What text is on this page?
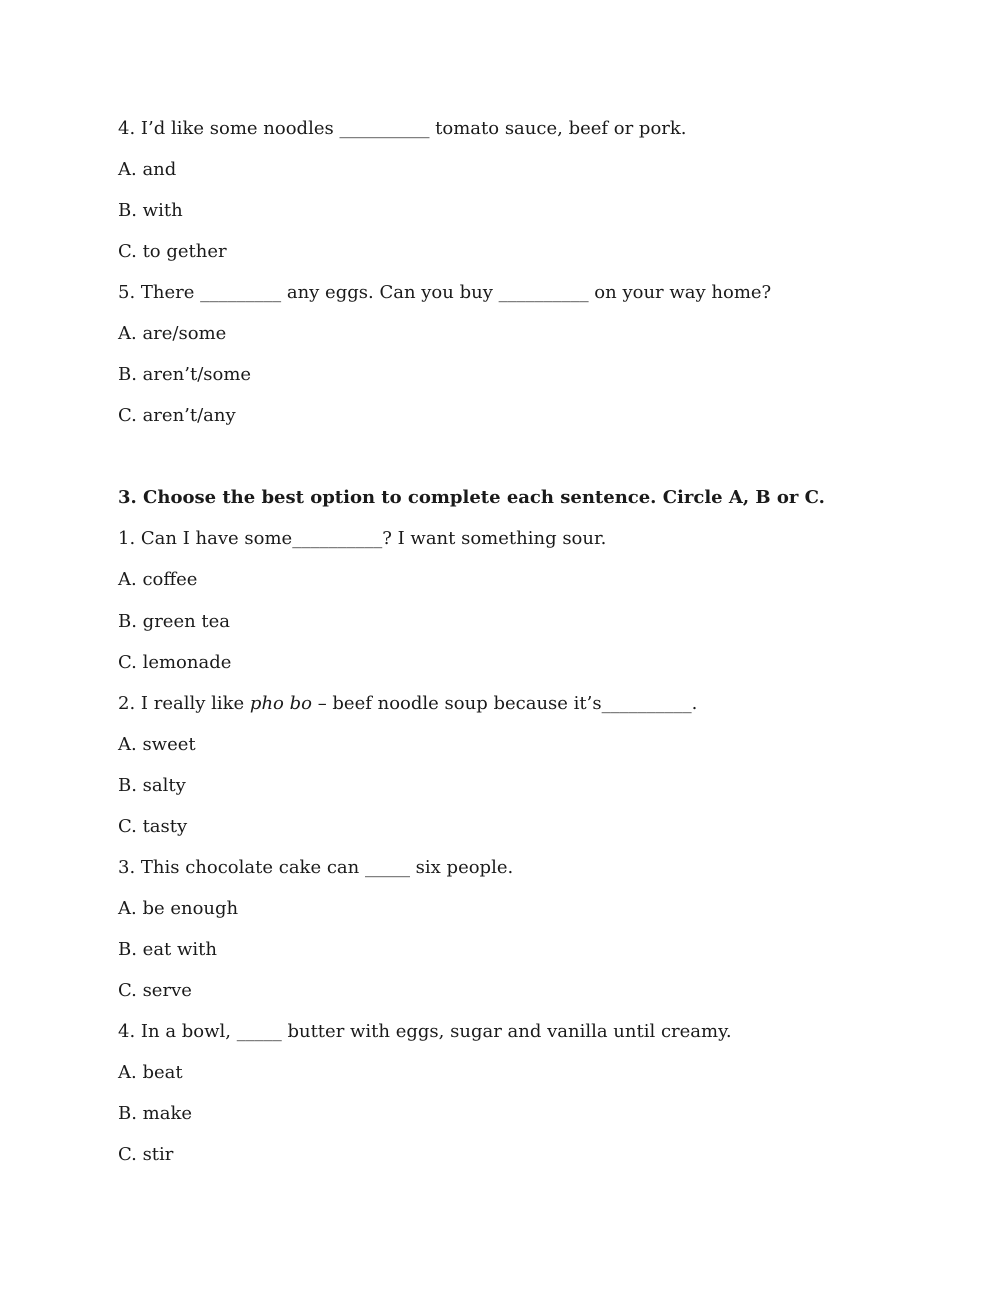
4. I’d like some noodles __________ tomato sauce, beef or pork.
A. and
B. with
C. to gether
5. There _________ any eggs. Can you buy __________ on your way home?
A. are/some
B. aren’t/some
C. aren’t/any
3. Choose the best option to complete each sentence. Circle A, B or C.
1. Can I have some__________? I want something sour.
A. coffee
B. green tea
C. lemonade
2. I really like pho bo – beef noodle soup because it’s__________.
A. sweet
B. salty
C. tasty
3. This chocolate cake can _____ six people.
A. be enough
B. eat with
C. serve
4. In a bowl, _____ butter with eggs, sugar and vanilla until creamy.
A. beat
B. make
C. stir
